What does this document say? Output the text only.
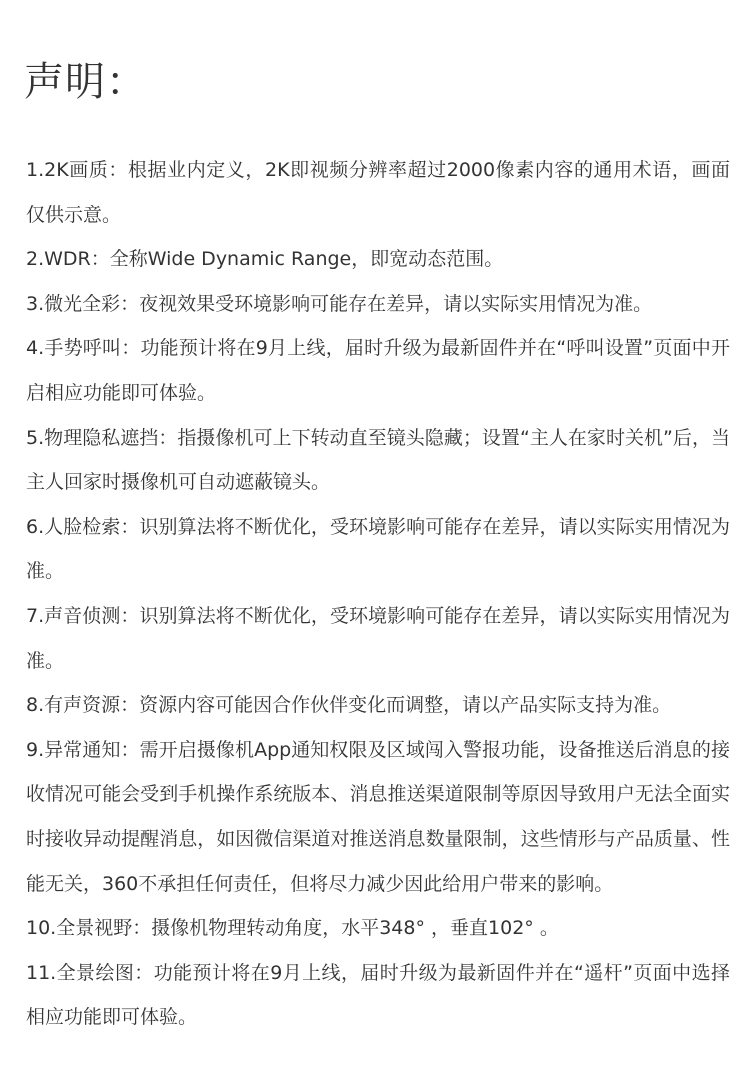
声明：

1.2K画质：根据业内定义，2K即视频分辨率超过2000像素内容的通用术语，画面仅供示意。

2.WDR：全称Wide Dynamic Range，即宽动态范围。

3.微光全彩：夜视效果受环境影响可能存在差异，请以实际实用情况为准。

4.手势呼叫：功能预计将在9月上线，届时升级为最新固件并在“呼叫设置”页面中开启相应功能即可体验。

5.物理隐私遮挡：指摄像机可上下转动直至镜头隐藏；设置“主人在家时关机”后，当主人回家时摄像机可自动遮蔽镜头。

6.人脸检索：识别算法将不断优化，受环境影响可能存在差异，请以实际实用情况为准。

7.声音侦测：识别算法将不断优化，受环境影响可能存在差异，请以实际实用情况为准。

8.有声资源：资源内容可能因合作伙伴变化而调整，请以产品实际支持为准。

9.异常通知：需开启摄像机App通知权限及区域闯入警报功能，设备推送后消息的接收情况可能会受到手机操作系统版本、消息推送渠道限制等原因导致用户无法全面实时接收异动提醒消息，如因微信渠道对推送消息数量限制，这些情形与产品质量、性能无关，360不承担任何责任，但将尽力减少因此给用户带来的影响。

10.全景视野：摄像机物理转动角度，水平348° ，垂直102° 。

11.全景绘图：功能预计将在9月上线，届时升级为最新固件并在“遥杆”页面中选择相应功能即可体验。
